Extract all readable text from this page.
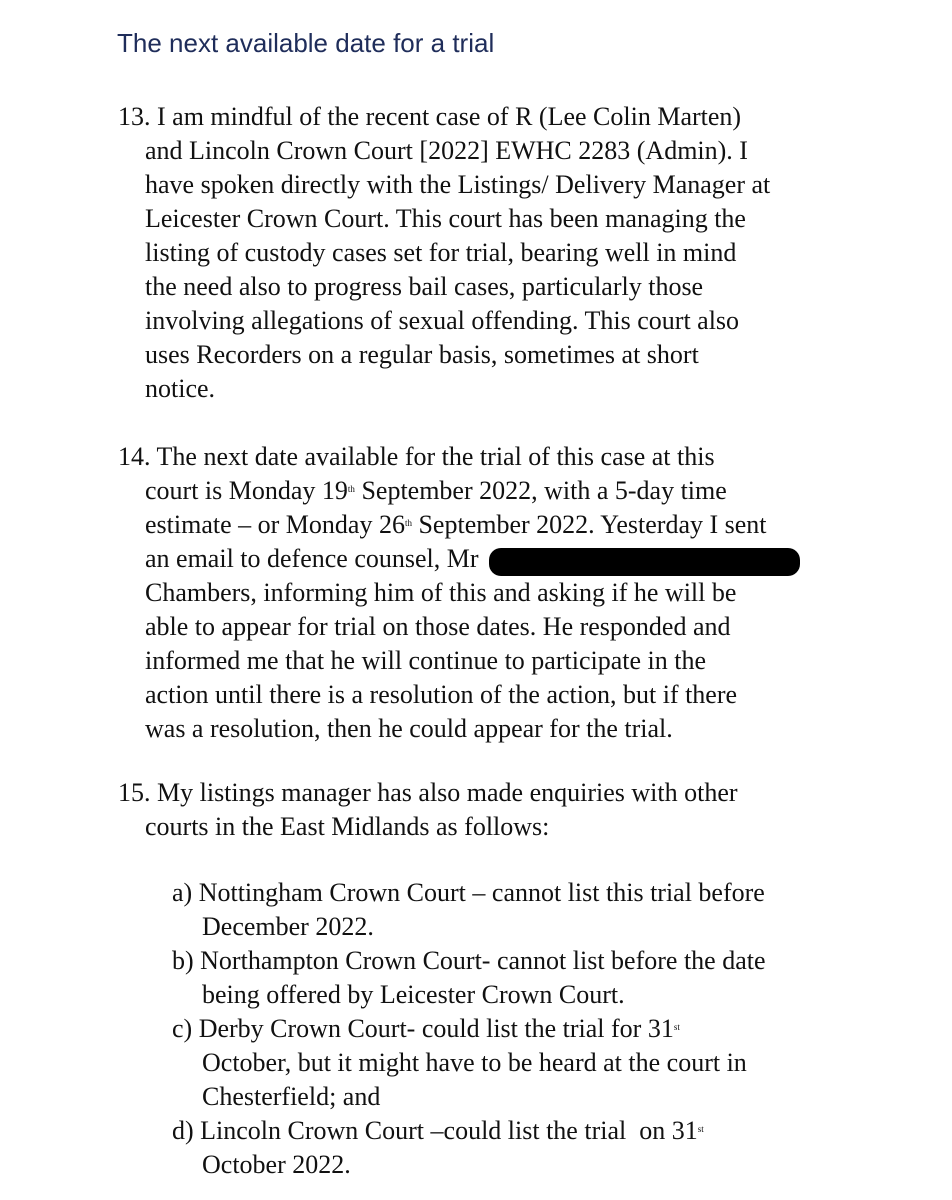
The next available date for a trial
13. I am mindful of the recent case of R (Lee Colin Marten)
and Lincoln Crown Court [2022] EWHC 2283 (Admin). I
have spoken directly with the Listings/ Delivery Manager at
Leicester Crown Court. This court has been managing the
listing of custody cases set for trial, bearing well in mind
the need also to progress bail cases, particularly those
involving allegations of sexual offending. This court also
uses Recorders on a regular basis, sometimes at short
notice.
14. The next date available for the trial of this case at this
court is Monday 19th September 2022, with a 5-day time
estimate – or Monday 26th September 2022. Yesterday I sent
an email to defence counsel, Mr
Chambers, informing him of this and asking if he will be
able to appear for trial on those dates. He responded and
informed me that he will continue to participate in the
action until there is a resolution of the action, but if there
was a resolution, then he could appear for the trial.
15. My listings manager has also made enquiries with other
courts in the East Midlands as follows:
a) Nottingham Crown Court – cannot list this trial before
December 2022.
b) Northampton Crown Court- cannot list before the date
being offered by Leicester Crown Court.
c) Derby Crown Court- could list the trial for 31st
October, but it might have to be heard at the court in
Chesterfield; and
d) Lincoln Crown Court –could list the trial  on 31st
October 2022.
